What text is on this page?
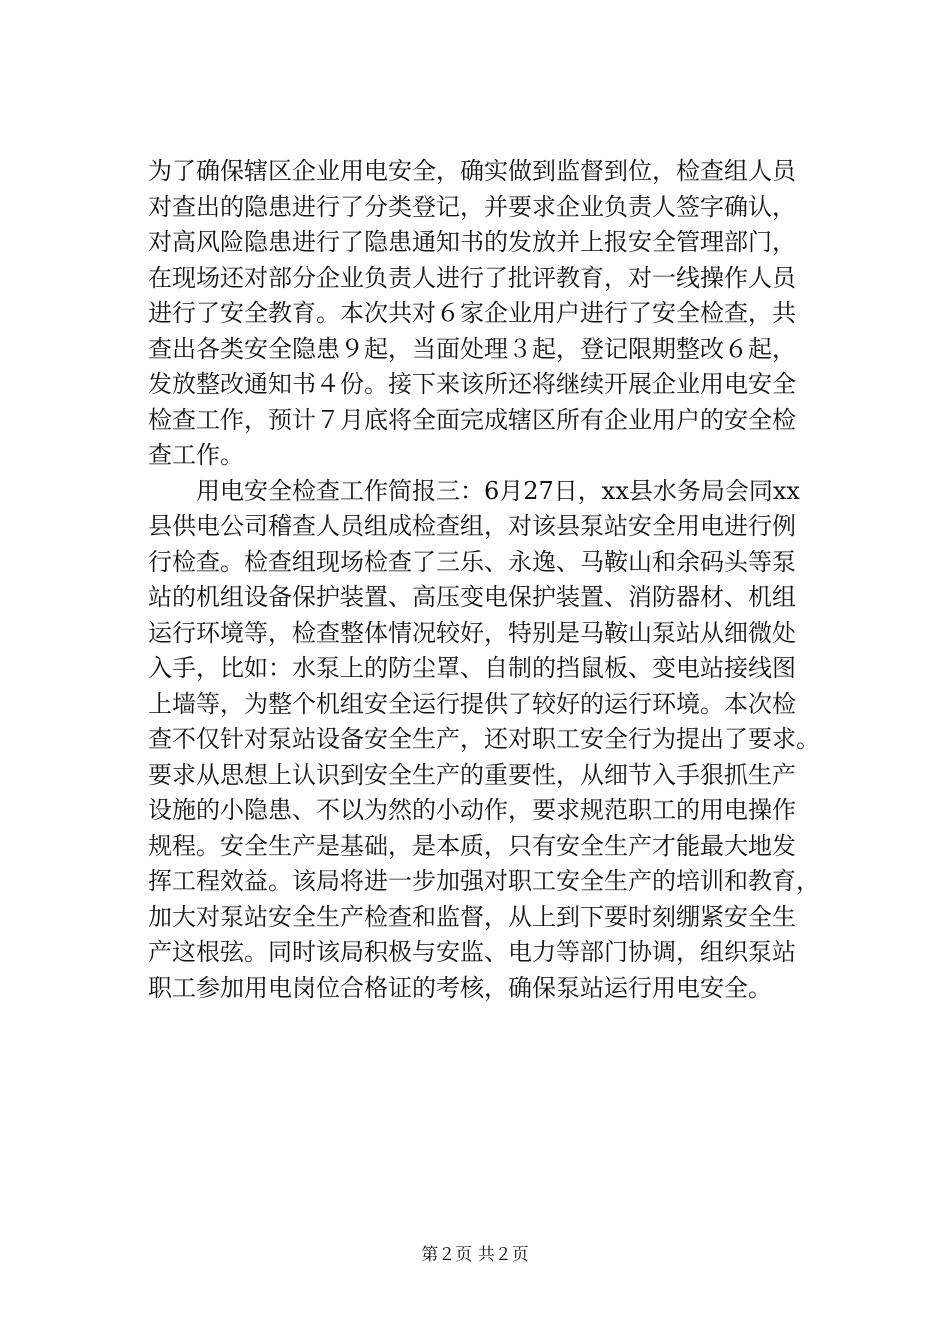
为了确保辖区企业用电安全，确实做到监督到位，检查组人员
对查出的隐患进行了分类登记，并要求企业负责人签字确认，
对高风险隐患进行了隐患通知书的发放并上报安全管理部门，
在现场还对部分企业负责人进行了批评教育，对一线操作人员
进行了安全教育。本次共对６家企业用户进行了安全检查，共
查出各类安全隐患９起，当面处理３起，登记限期整改６起，
发放整改通知书４份。接下来该所还将继续开展企业用电安全
检查工作，预计７月底将全面完成辖区所有企业用户的安全检
查工作。
　　用电安全检查工作简报三：6月27日，xx县水务局会同xx
县供电公司稽查人员组成检查组，对该县泵站安全用电进行例
行检查。检查组现场检查了三乐、永逸、马鞍山和余码头等泵
站的机组设备保护装置、高压变电保护装置、消防器材、机组
运行环境等，检查整体情况较好，特别是马鞍山泵站从细微处
入手，比如：水泵上的防尘罩、自制的挡鼠板、变电站接线图
上墙等，为整个机组安全运行提供了较好的运行环境。本次检
查不仅针对泵站设备安全生产，还对职工安全行为提出了要求。
要求从思想上认识到安全生产的重要性，从细节入手狠抓生产
设施的小隐患、不以为然的小动作，要求规范职工的用电操作
规程。安全生产是基础，是本质，只有安全生产才能最大地发
挥工程效益。该局将进一步加强对职工安全生产的培训和教育，
加大对泵站安全生产检查和监督，从上到下要时刻绷紧安全生
产这根弦。同时该局积极与安监、电力等部门协调，组织泵站
职工参加用电岗位合格证的考核，确保泵站运行用电安全。
第２页 共２页
